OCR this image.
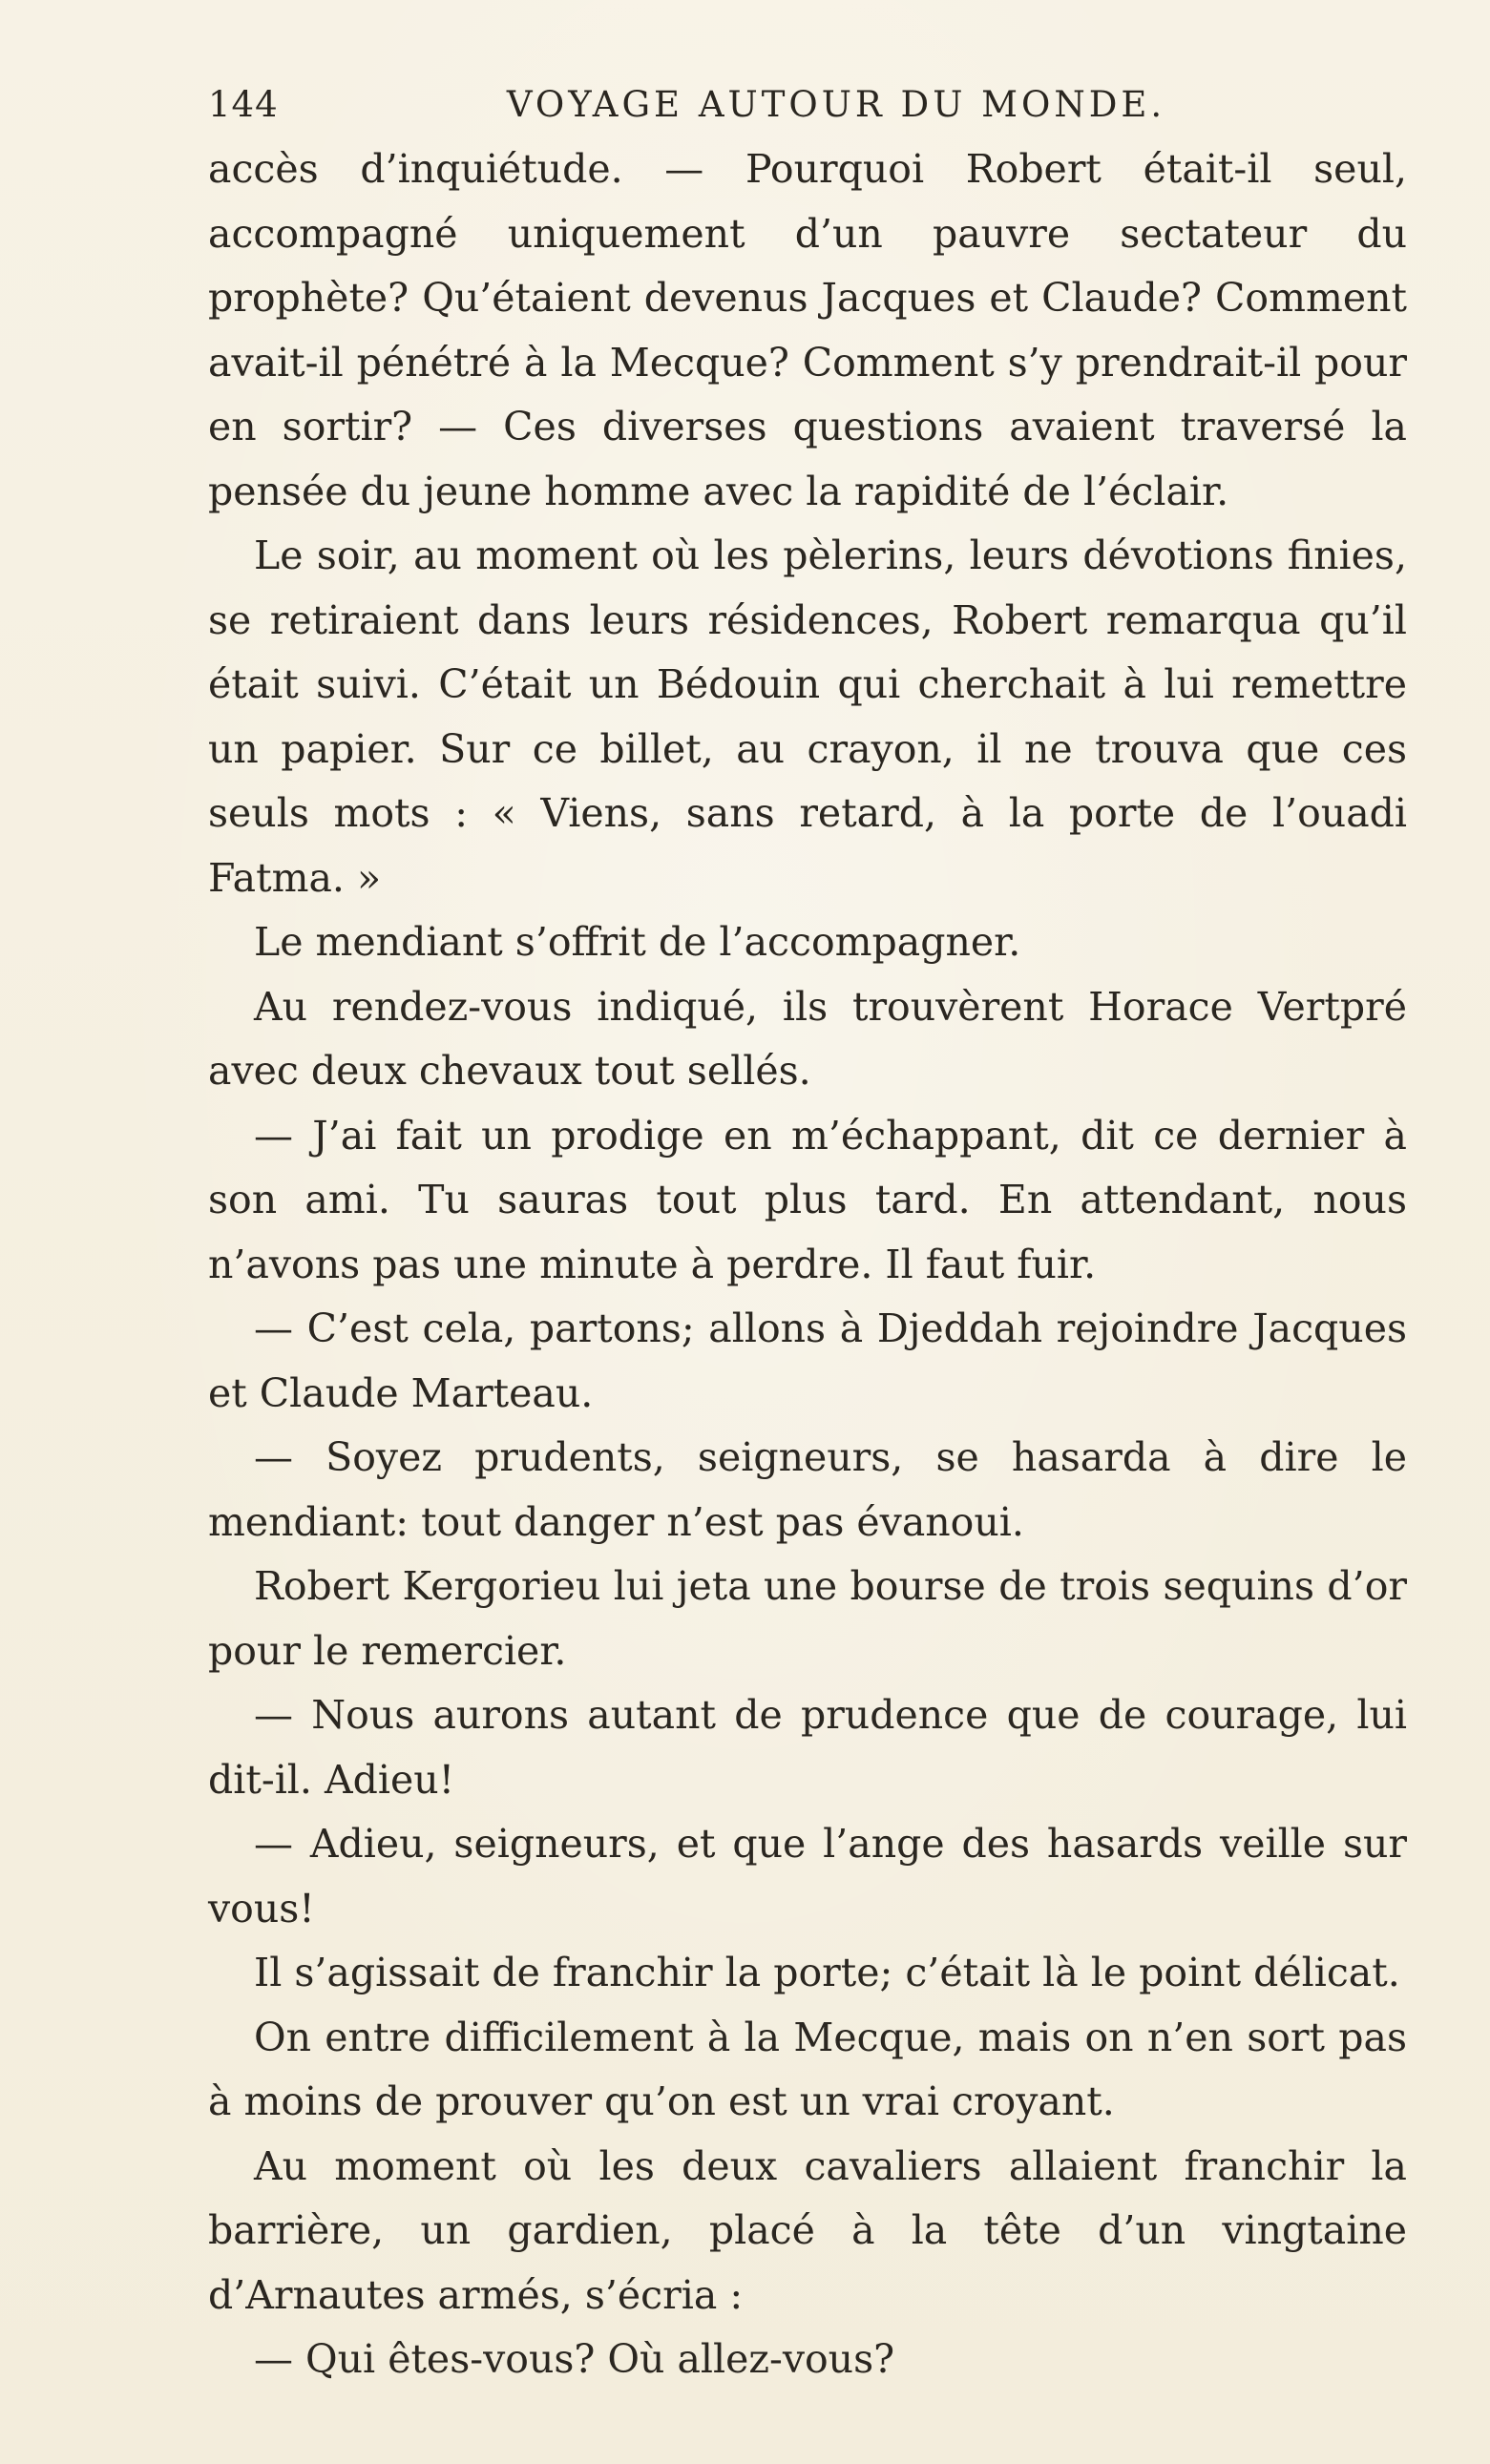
144	VOYAGE AUTOUR DU MONDE.

accès d’inquiétude. — Pourquoi Robert était-il seul, accompagné uniquement d’un pauvre sectateur du prophète? Qu’étaient devenus Jacques et Claude? Comment avait-il pénétré à la Mecque? Comment s’y prendrait-il pour en sortir? — Ces diverses questions avaient traversé la pensée du jeune homme avec la rapidité de l’éclair.

Le soir, au moment où les pèlerins, leurs dévotions finies, se retiraient dans leurs résidences, Robert remarqua qu’il était suivi. C’était un Bédouin qui cherchait à lui remettre un papier. Sur ce billet, au crayon, il ne trouva que ces seuls mots : « Viens, sans retard, à la porte de l’ouadi Fatma. »

Le mendiant s’offrit de l’accompagner.

Au rendez-vous indiqué, ils trouvèrent Horace Vertpré avec deux chevaux tout sellés.

— J’ai fait un prodige en m’échappant, dit ce dernier à son ami. Tu sauras tout plus tard. En attendant, nous n’avons pas une minute à perdre. Il faut fuir.

— C’est cela, partons; allons à Djeddah rejoindre Jacques et Claude Marteau.

— Soyez prudents, seigneurs, se hasarda à dire le mendiant: tout danger n’est pas évanoui.

Robert Kergorieu lui jeta une bourse de trois sequins d’or pour le remercier.

— Nous aurons autant de prudence que de courage, lui dit-il. Adieu!

— Adieu, seigneurs, et que l’ange des hasards veille sur vous!

Il s’agissait de franchir la porte; c’était là le point délicat.

On entre difficilement à la Mecque, mais on n’en sort pas à moins de prouver qu’on est un vrai croyant.

Au moment où les deux cavaliers allaient franchir la barrière, un gardien, placé à la tête d’un vingtaine d’Arnautes armés, s’écria :

— Qui êtes-vous? Où allez-vous?
